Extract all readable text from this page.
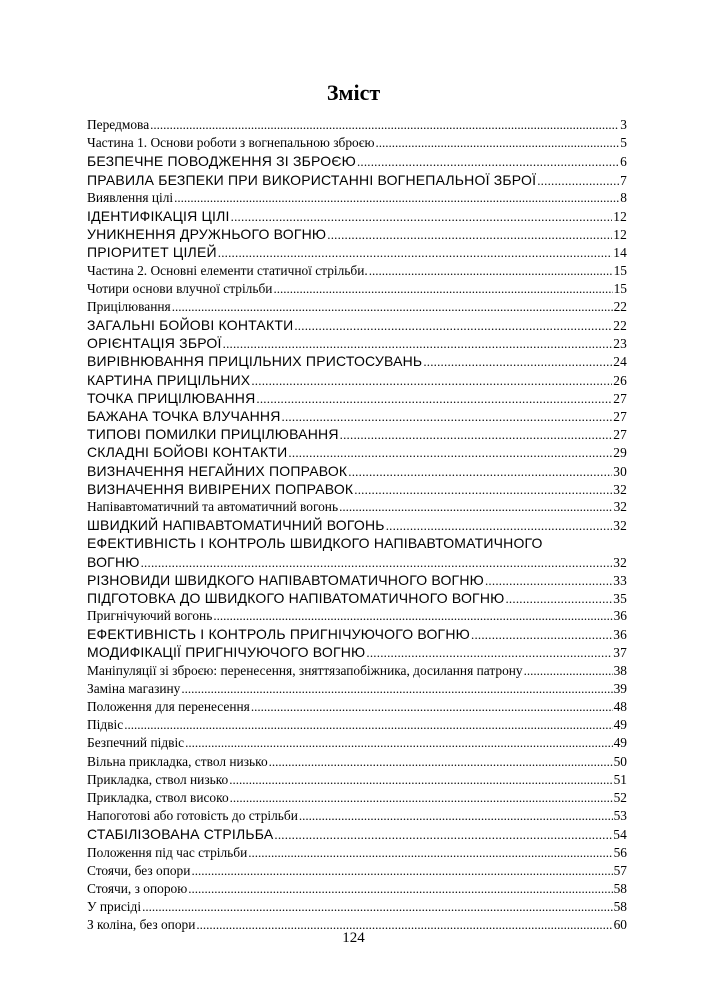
Зміст
Передмова .....	3
Частина 1. Основи роботи з вогнепальною зброєю .....	5
БЕЗПЕЧНЕ ПОВОДЖЕННЯ ЗІ ЗБРОЄЮ .....	6
ПРАВИЛА БЕЗПЕКИ ПРИ ВИКОРИСТАННІ ВОГНЕПАЛЬНОЇ ЗБРОЇ .....	7
Виявлення цілі .....	8
ІДЕНТИФІКАЦІЯ ЦІЛІ .....	12
УНИКНЕННЯ ДРУЖНЬОГО ВОГНЮ .....	12
ПРІОРИТЕТ ЦІЛЕЙ .....	14
Частина 2. Основні елементи статичної стрільби. .....	15
Чотири основи влучної стрільби .....	15
Прицілювання .....	22
ЗАГАЛЬНІ БОЙОВІ КОНТАКТИ .....	22
ОРІЄНТАЦІЯ ЗБРОЇ .....	23
ВИРІВНЮВАННЯ ПРИЦІЛЬНИХ ПРИСТОСУВАНЬ .....	24
КАРТИНА ПРИЦІЛЬНИХ .....	26
ТОЧКА ПРИЦІЛЮВАННЯ .....	27
БАЖАНА ТОЧКА ВЛУЧАННЯ .....	27
ТИПОВІ ПОМИЛКИ ПРИЦІЛЮВАННЯ .....	27
СКЛАДНІ БОЙОВІ КОНТАКТИ .....	29
ВИЗНАЧЕННЯ НЕГАЙНИХ ПОПРАВОК .....	30
ВИЗНАЧЕННЯ ВИВІРЕНИХ ПОПРАВОК .....	32
Напівавтоматичний та автоматичний вогонь .....	32
ШВИДКИЙ НАПІВАВТОМАТИЧНИЙ ВОГОНЬ .....	32
ЕФЕКТИВНІСТЬ І КОНТРОЛЬ ШВИДКОГО НАПІВАВТОМАТИЧНОГО
ВОГНЮ .....	32
РІЗНОВИДИ ШВИДКОГО НАПІВАВТОМАТИЧНОГО ВОГНЮ .....	33
ПІДГОТОВКА ДО ШВИДКОГО НАПІВАТОМАТИЧНОГО ВОГНЮ .....	35
Пригнічуючий вогонь .....	36
ЕФЕКТИВНІСТЬ І КОНТРОЛЬ ПРИГНІЧУЮЧОГО ВОГНЮ .....	36
МОДИФІКАЦІЇ ПРИГНІЧУЮЧОГО ВОГНЮ .....	37
Маніпуляції зі зброєю: перенесення, зняттязапобіжника, досилання патрону .....	38
Заміна магазину .....	39
Положення для перенесення .....	48
Підвіс .....	49
Безпечний підвіс .....	49
Вільна прикладка, ствол низько .....	50
Прикладка, ствол низько .....	51
Прикладка, ствол високо .....	52
Напоготові або готовість до стрільби .....	53
СТАБІЛІЗОВАНА СТРІЛЬБА .....	54
Положення під час стрільби .....	56
Стоячи, без опори .....	57
Стоячи, з опорою .....	58
У присіді .....	58
З коліна, без опори .....	60
124
